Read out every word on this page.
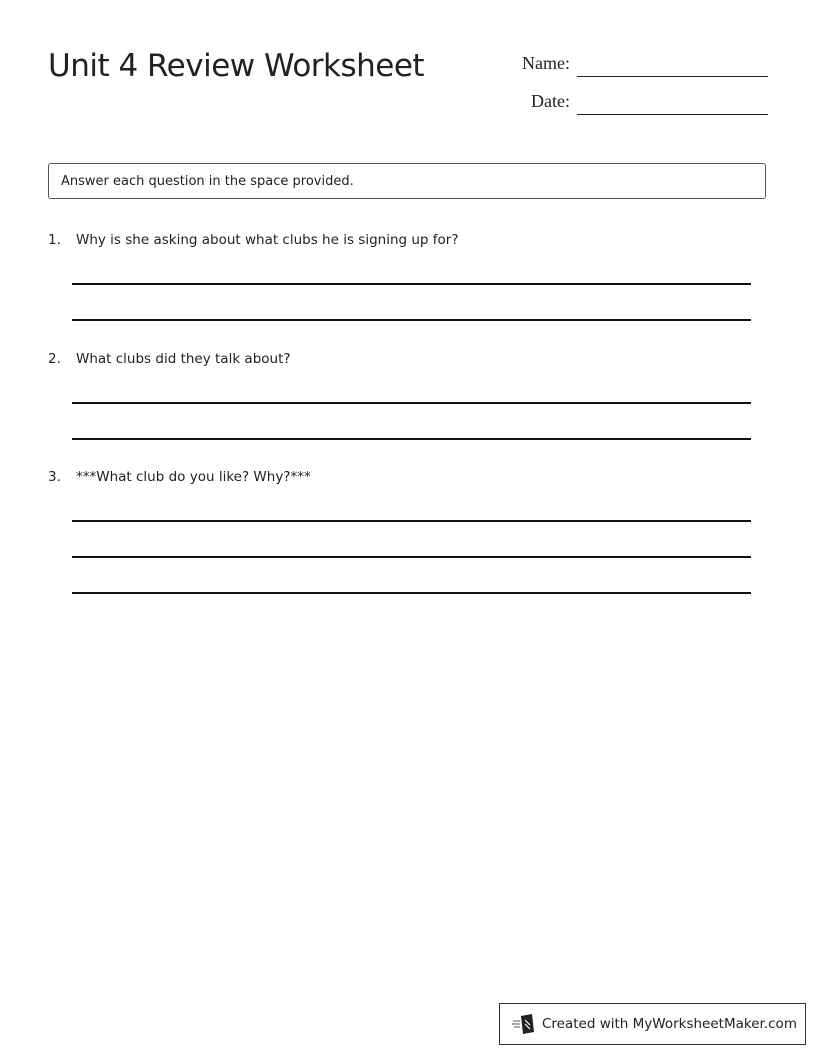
Unit 4 Review Worksheet	Name:
Date:
Answer each question in the space provided.
1. Why is she asking about what clubs he is signing up for?
2. What clubs did they talk about?
3. ***What club do you like? Why?***
Created with MyWorksheetMaker.com
